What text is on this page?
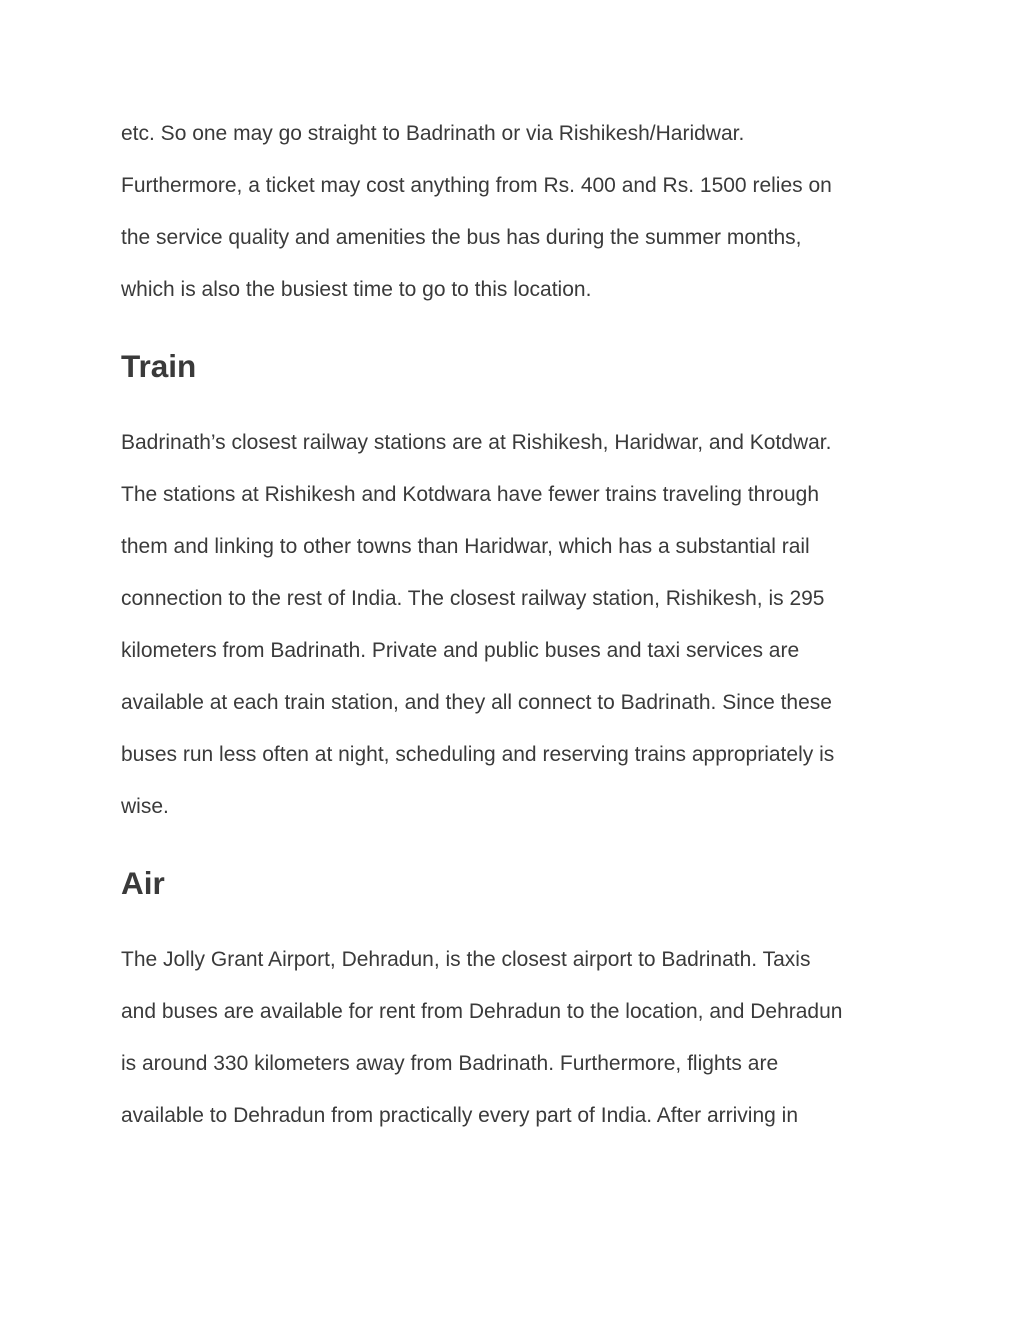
etc. So one may go straight to Badrinath or via Rishikesh/Haridwar.
Furthermore, a ticket may cost anything from Rs. 400 and Rs. 1500 relies on
the service quality and amenities the bus has during the summer months,
which is also the busiest time to go to this location.

Train

Badrinath’s closest railway stations are at Rishikesh, Haridwar, and Kotdwar.
The stations at Rishikesh and Kotdwara have fewer trains traveling through
them and linking to other towns than Haridwar, which has a substantial rail
connection to the rest of India. The closest railway station, Rishikesh, is 295
kilometers from Badrinath. Private and public buses and taxi services are
available at each train station, and they all connect to Badrinath. Since these
buses run less often at night, scheduling and reserving trains appropriately is
wise.

Air

The Jolly Grant Airport, Dehradun, is the closest airport to Badrinath. Taxis
and buses are available for rent from Dehradun to the location, and Dehradun
is around 330 kilometers away from Badrinath. Furthermore, flights are
available to Dehradun from practically every part of India. After arriving in
